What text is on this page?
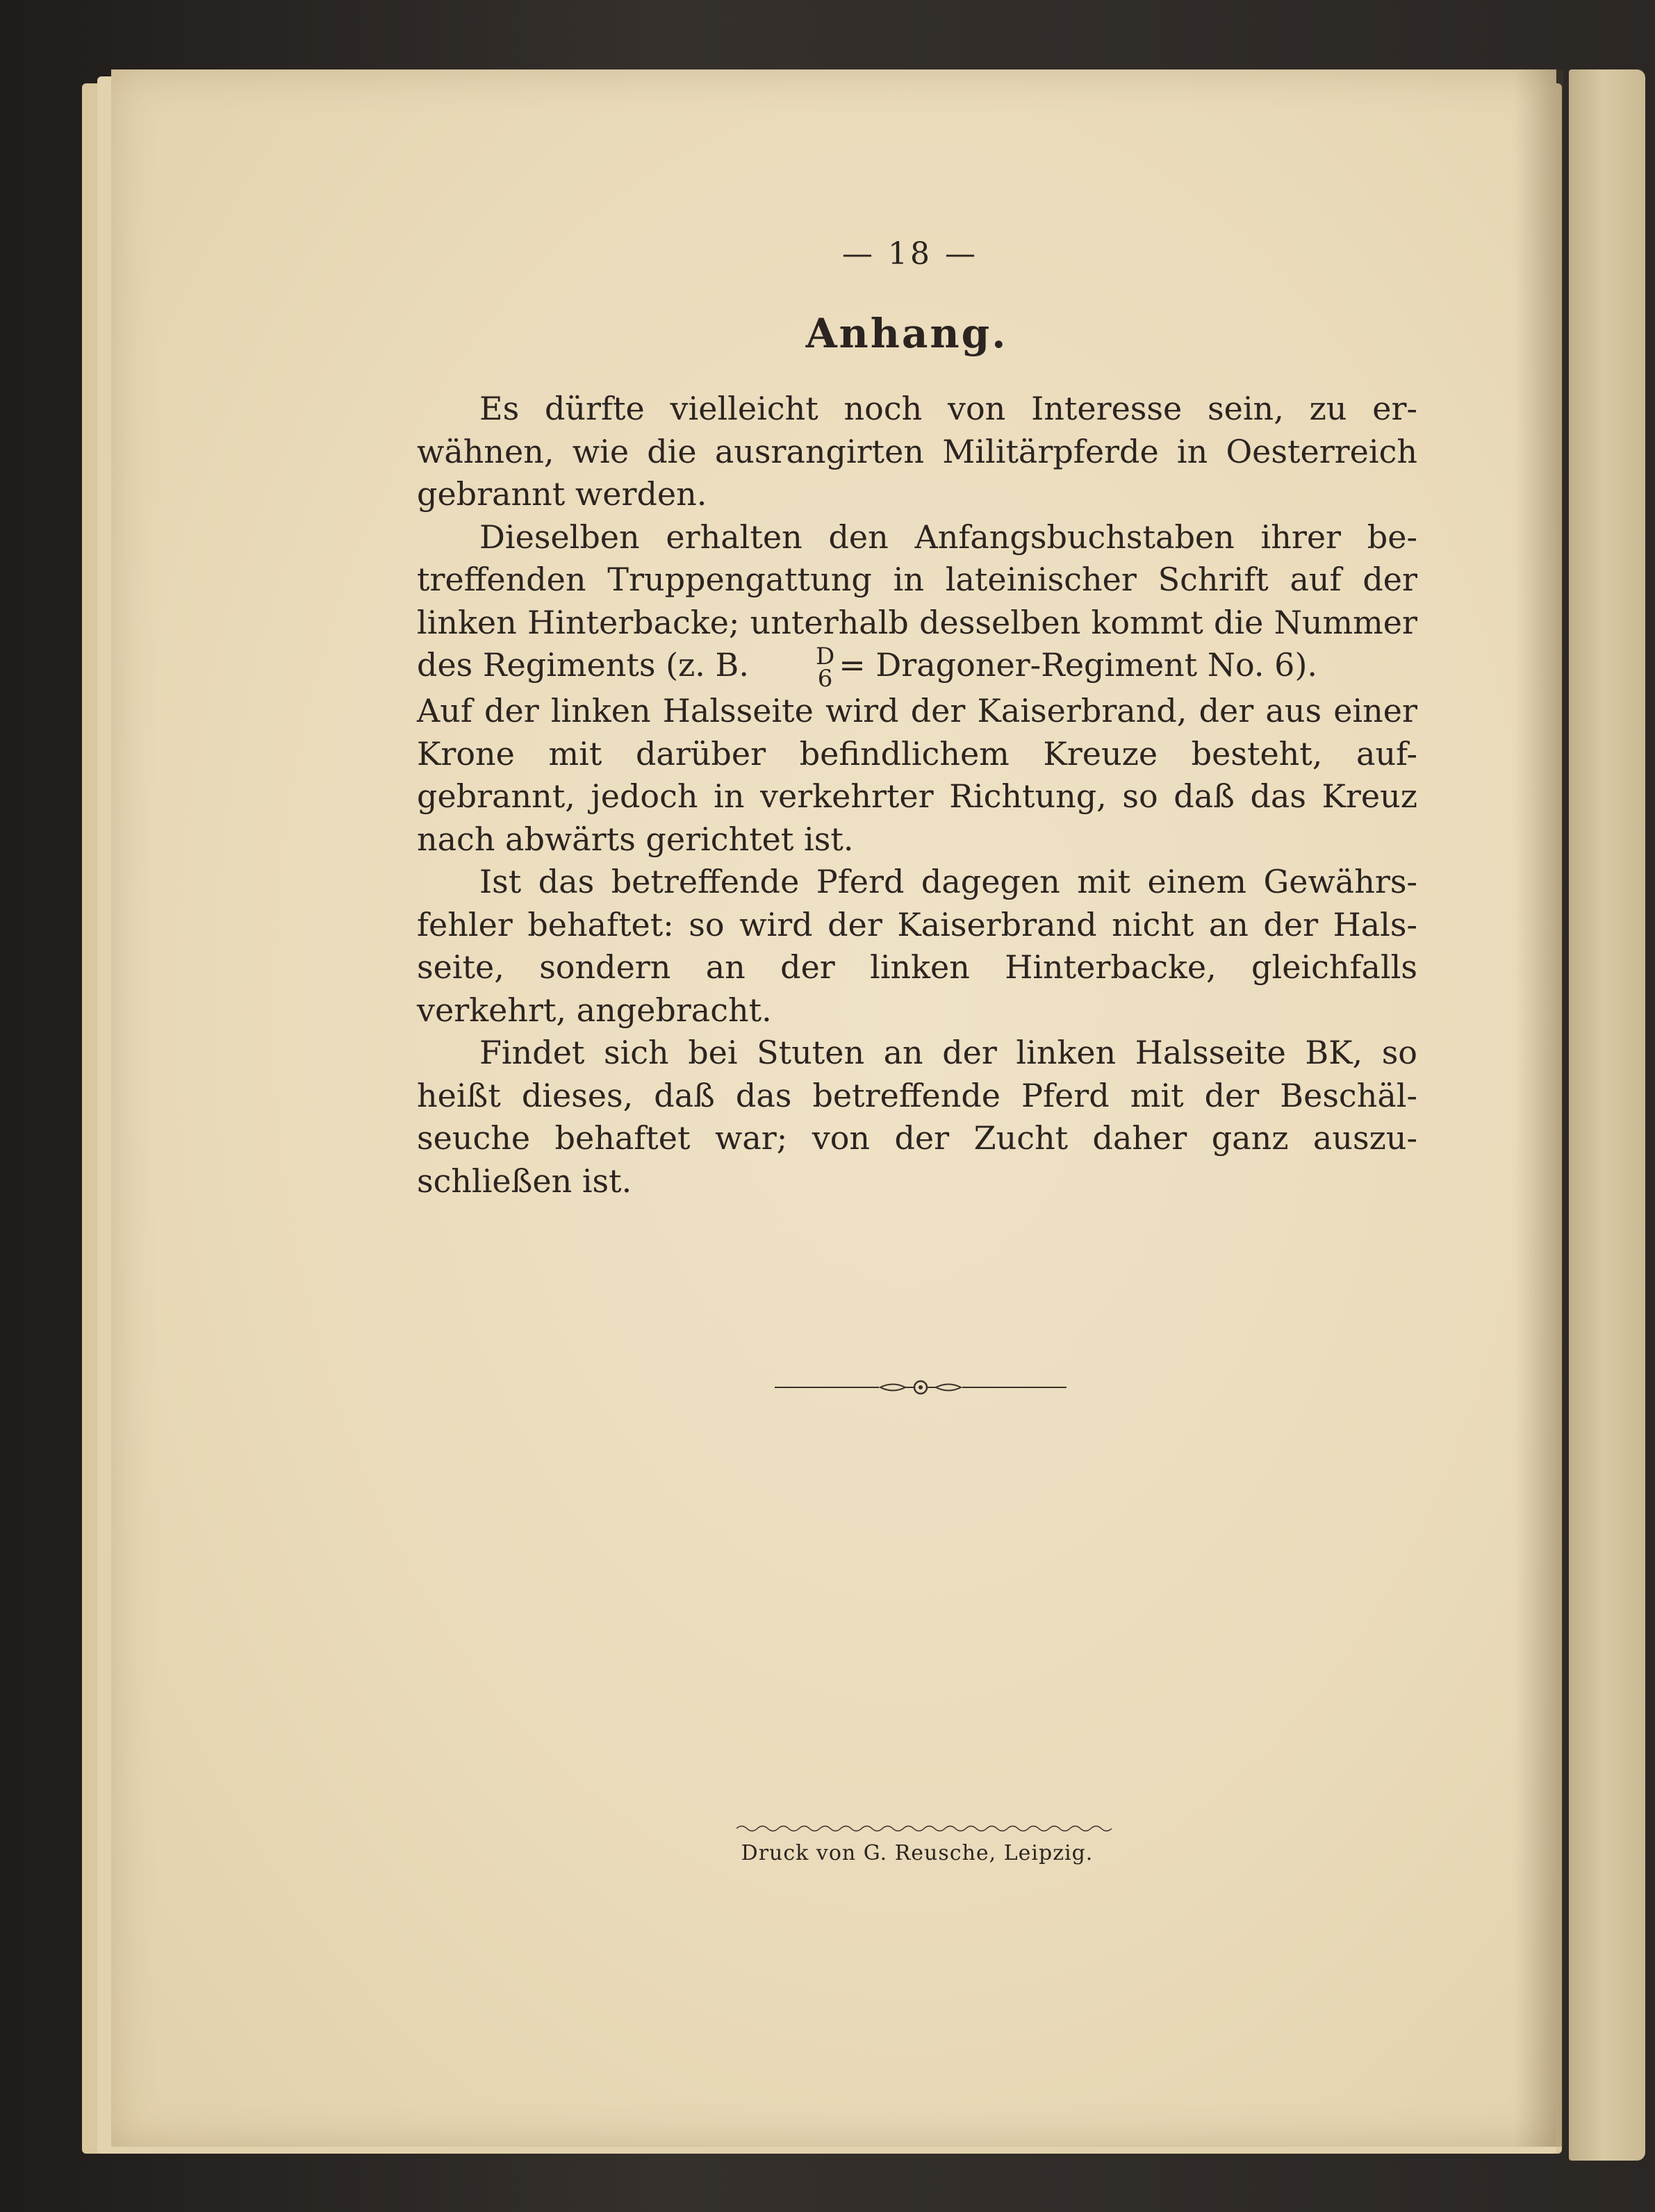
— 18 —
Anhang.

Es dürfte vielleicht noch von Interesse sein, zu er-wähnen, wie die ausrangirten Militärpferde in Oesterreich gebrannt werden.

Dieselben erhalten den Anfangsbuchstaben ihrer be-treffenden Truppengattung in lateinischer Schrift auf der linken Hinterbacke; unterhalb desselben kommt die Nummer des Regiments (z. B.	D
6 = Dragoner-Regiment No. 6).

Auf der linken Halsseite wird der Kaiserbrand, der aus einer Krone mit darüber befindlichem Kreuze besteht, auf-gebrannt, jedoch in verkehrter Richtung, so daß das Kreuz nach abwärts gerichtet ist.

Ist das betreffende Pferd dagegen mit einem Gewährs-fehler behaftet: so wird der Kaiserbrand nicht an der Hals-seite, sondern an der linken Hinterbacke, gleichfalls verkehrt, angebracht.

Findet sich bei Stuten an der linken Halsseite BK, so heißt dieses, daß das betreffende Pferd mit der Beschäl-seuche behaftet war; von der Zucht daher ganz auszu-schließen ist.

Druck von G. Reusche, Leipzig.
